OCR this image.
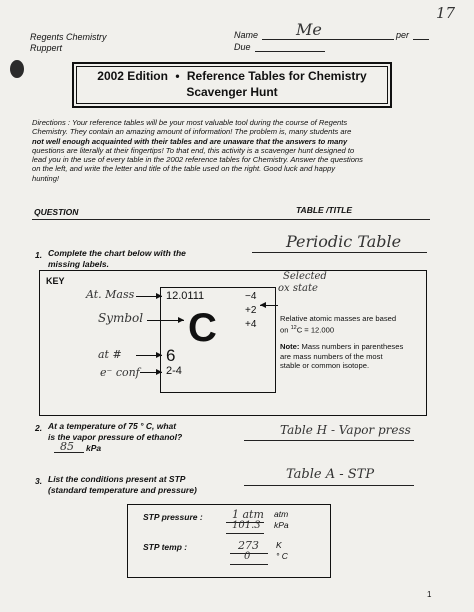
17
Regents Chemistry
Ruppert
Name Me	per
Due
2002 Edition • Reference Tables for Chemistry
Scavenger Hunt
Directions : Your reference tables will be your most valuable tool during the course of Regents
Chemistry. They contain an amazing amount of information! The problem is, many students are
not well enough acquainted with their tables and are unaware that the answers to many
questions are literally at their fingertips! To that end, this activity is a scavenger hunt designed to
lead you in the use of every table in the 2002 reference tables for Chemistry. Answer the questions
on the left, and write the letter and title of the table used on the right. Good luck and happy
hunting!
QUESTION	TABLE /TITLE
1. Complete the chart below with the
missing labels.
Periodic Table
KEY
12.0111
C
6
2-4
−4
+2
+4
At. Mass
Symbol
at #
e⁻ conf
Selected
ox state
Relative atomic masses are based
on $^{12}$C = 12.000
Note: Mass numbers in parentheses
are mass numbers of the most
stable or common isotope.
2. At a temperature of 75 ° C, what
is the vapor pressure of ethanol?
85 kPa
Table H - Vapor press
3. List the conditions present at STP
(standard temperature and pressure)
Table A - STP
STP pressure :	1 atm atm
101.3 kPa
STP temp :	273 K
0	° C
1
